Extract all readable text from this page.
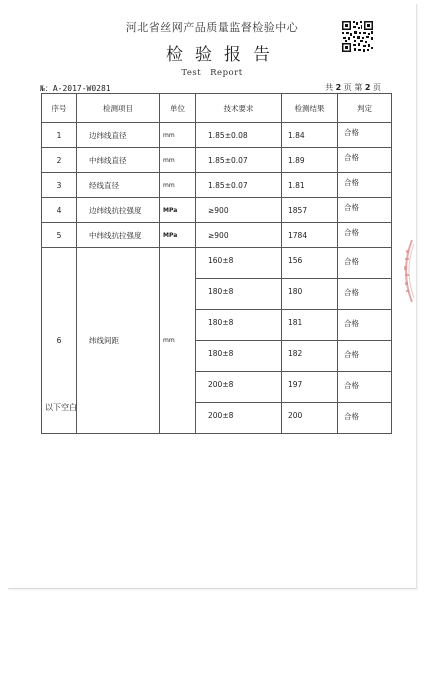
河北省丝网产品质量监督检验中心
检验报告
Test　Report
№：A-2017-W0281	共 2 页 第 2 页
序号	检测项目	单位	技术要求	检测结果	判定
1	边纬线直径	mm	1.85±0.08	1.84	合格
2	中纬线直径	mm	1.85±0.07	1.89	合格
3	经线直径	mm	1.85±0.07	1.81	合格
4	边纬线抗拉强度	MPa	≥900	1857	合格
5	中纬线抗拉强度	MPa	≥900	1784	合格
6	纬线间距	mm	160±8	156	合格
			180±8	180	合格
			180±8	181	合格
			180±8	182	合格
			200±8	197	合格
			200±8	200	合格
以下空白
